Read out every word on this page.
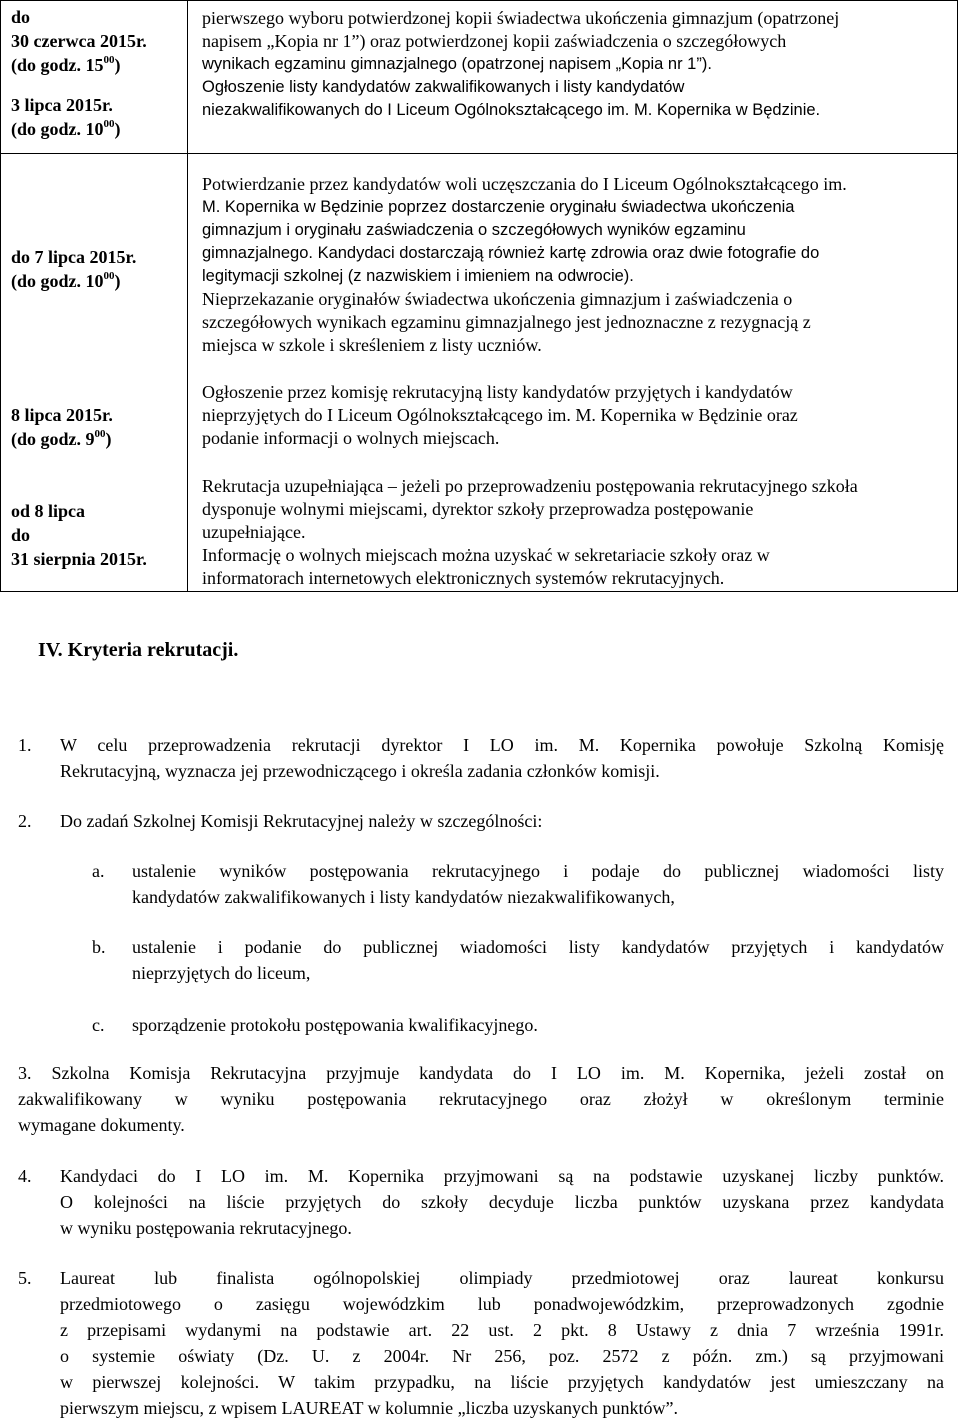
do
30 czerwca 2015r.
(do godz. $15^{00}$)
3 lipca 2015r.
(do godz. $10^{00}$)
pierwszego wyboru potwierdzonej kopii świadectwa ukończenia gimnazjum (opatrzonej
napisem „Kopia nr 1”) oraz potwierdzonej kopii zaświadczenia o szczegółowych
wynikach egzaminu gimnazjalnego (opatrzonej napisem „Kopia nr 1”).
Ogłoszenie listy kandydatów zakwalifikowanych i listy kandydatów
niezakwalifikowanych do I Liceum Ogólnokształcącego im. M. Kopernika w Będzinie.
do 7 lipca 2015r.
(do godz. $10^{00}$)
8 lipca 2015r.
(do godz. $9^{00}$)
od 8 lipca
do
31 sierpnia 2015r.
Potwierdzanie przez kandydatów woli uczęszczania do I Liceum Ogólnokształcącego im.
M. Kopernika w Będzinie poprzez dostarczenie oryginału świadectwa ukończenia
gimnazjum i oryginału zaświadczenia o szczegółowych wyników egzaminu
gimnazjalnego. Kandydaci dostarczają również kartę zdrowia oraz dwie fotografie do
legitymacji szkolnej (z nazwiskiem i imieniem na odwrocie).
Nieprzekazanie oryginałów świadectwa ukończenia gimnazjum i zaświadczenia o
szczegółowych wynikach egzaminu gimnazjalnego jest jednoznaczne z rezygnacją z
miejsca w szkole i skreśleniem z listy uczniów.
Ogłoszenie przez komisję rekrutacyjną listy kandydatów przyjętych i kandydatów
nieprzyjętych do I Liceum Ogólnokształcącego im. M. Kopernika w Będzinie oraz
podanie informacji o wolnych miejscach.
Rekrutacja uzupełniająca – jeżeli po przeprowadzeniu postępowania rekrutacyjnego szkoła
dysponuje wolnymi miejscami, dyrektor szkoły przeprowadza postępowanie
uzupełniające.
Informację o wolnych miejscach można uzyskać w sekretariacie szkoły oraz w
informatorach internetowych elektronicznych systemów rekrutacyjnych.
IV. Kryteria rekrutacji.
1. W celu przeprowadzenia rekrutacji dyrektor I LO im. M. Kopernika powołuje Szkolną Komisję
Rekrutacyjną, wyznacza jej przewodniczącego i określa zadania członków komisji.
2. Do zadań Szkolnej Komisji Rekrutacyjnej należy w szczególności:
a. ustalenie wyników postępowania rekrutacyjnego i podaje do publicznej wiadomości listy
kandydatów zakwalifikowanych i listy kandydatów niezakwalifikowanych,
b. ustalenie i podanie do publicznej wiadomości listy kandydatów przyjętych i kandydatów
nieprzyjętych do liceum,
c. sporządzenie protokołu postępowania kwalifikacyjnego.
3. Szkolna Komisja Rekrutacyjna przyjmuje kandydata do I LO im. M. Kopernika, jeżeli został on
zakwalifikowany w wyniku postępowania rekrutacyjnego oraz złożył w określonym terminie
wymagane dokumenty.
4. Kandydaci do I LO im. M. Kopernika przyjmowani są na podstawie uzyskanej liczby punktów.
O kolejności na liście przyjętych do szkoły decyduje liczba punktów uzyskana przez kandydata
w wyniku postępowania rekrutacyjnego.
5. Laureat lub finalista ogólnopolskiej olimpiady przedmiotowej oraz laureat konkursu
przedmiotowego o zasięgu wojewódzkim lub ponadwojewódzkim, przeprowadzonych zgodnie
z przepisami wydanymi na podstawie art. 22 ust. 2 pkt. 8 Ustawy z dnia 7 września 1991r.
o systemie oświaty (Dz. U. z 2004r. Nr 256, poz. 2572 z późn. zm.) są przyjmowani
w pierwszej kolejności. W takim przypadku, na liście przyjętych kandydatów jest umieszczany na
pierwszym miejscu, z wpisem LAUREAT w kolumnie „liczba uzyskanych punktów”.
